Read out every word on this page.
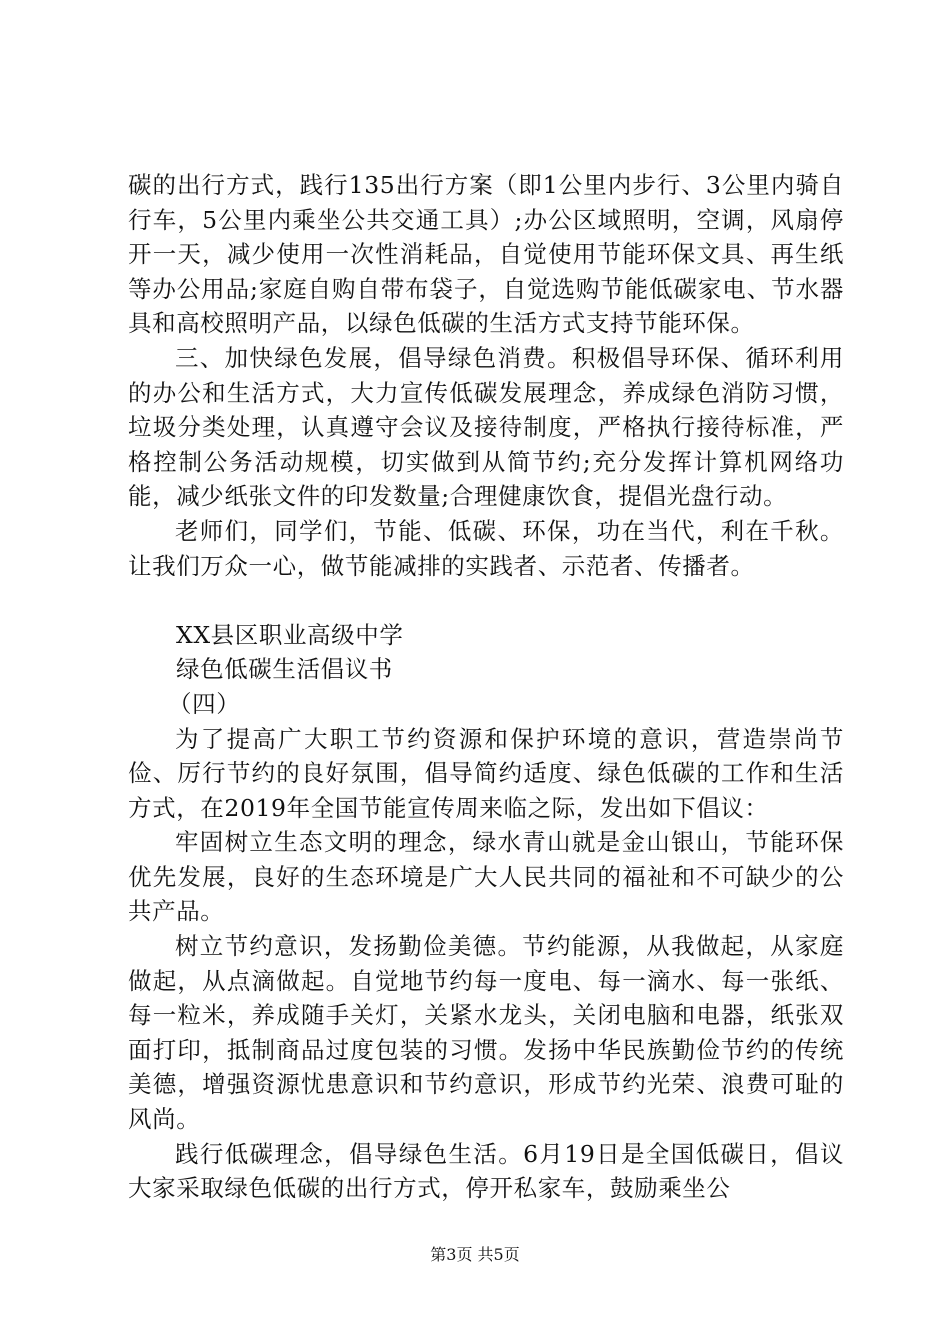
碳的出行方式，践行135出行方案（即1公里内步行、3公里内骑自行车，5公里内乘坐公共交通工具）;办公区域照明，空调，风扇停开一天，减少使用一次性消耗品，自觉使用节能环保文具、再生纸等办公用品;家庭自购自带布袋子，自觉选购节能低碳家电、节水器具和高校照明产品，以绿色低碳的生活方式支持节能环保。

三、加快绿色发展，倡导绿色消费。积极倡导环保、循环利用的办公和生活方式，大力宣传低碳发展理念，养成绿色消防习惯，垃圾分类处理，认真遵守会议及接待制度，严格执行接待标准，严格控制公务活动规模，切实做到从简节约;充分发挥计算机网络功能，减少纸张文件的印发数量;合理健康饮食，提倡光盘行动。

老师们，同学们，节能、低碳、环保，功在当代，利在千秋。让我们万众一心，做节能减排的实践者、示范者、传播者。

XX县区职业高级中学

绿色低碳生活倡议书

（四）

为了提高广大职工节约资源和保护环境的意识，营造崇尚节俭、厉行节约的良好氛围，倡导简约适度、绿色低碳的工作和生活方式，在2019年全国节能宣传周来临之际，发出如下倡议：

牢固树立生态文明的理念，绿水青山就是金山银山，节能环保优先发展，良好的生态环境是广大人民共同的福祉和不可缺少的公共产品。

树立节约意识，发扬勤俭美德。节约能源，从我做起，从家庭做起，从点滴做起。自觉地节约每一度电、每一滴水、每一张纸、每一粒米，养成随手关灯，关紧水龙头，关闭电脑和电器，纸张双面打印，抵制商品过度包装的习惯。发扬中华民族勤俭节约的传统美德，增强资源忧患意识和节约意识，形成节约光荣、浪费可耻的风尚。

践行低碳理念，倡导绿色生活。6月19日是全国低碳日，倡议大家采取绿色低碳的出行方式，停开私家车，鼓励乘坐公

第3页 共5页
